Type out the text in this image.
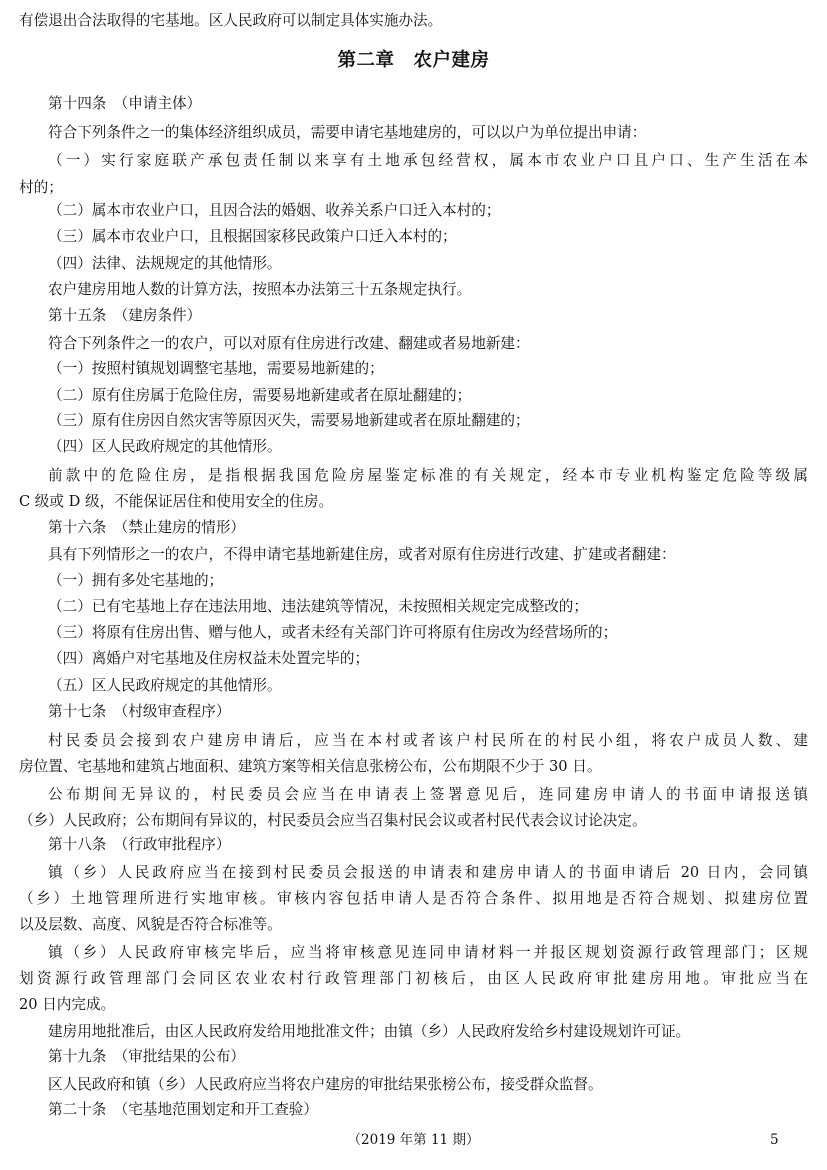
有偿退出合法取得的宅基地。区人民政府可以制定具体实施办法。
第二章　农户建房
第十四条　（申请主体）
符合下列条件之一的集体经济组织成员，需要申请宅基地建房的，可以以户为单位提出申请：
（一）实行家庭联产承包责任制以来享有土地承包经营权，属本市农业户口且户口、生产生活在本
村的；
（二）属本市农业户口，且因合法的婚姻、收养关系户口迁入本村的；
（三）属本市农业户口，且根据国家移民政策户口迁入本村的；
（四）法律、法规规定的其他情形。
农户建房用地人数的计算方法，按照本办法第三十五条规定执行。
第十五条　（建房条件）
符合下列条件之一的农户，可以对原有住房进行改建、翻建或者易地新建：
（一）按照村镇规划调整宅基地，需要易地新建的；
（二）原有住房属于危险住房，需要易地新建或者在原址翻建的；
（三）原有住房因自然灾害等原因灭失，需要易地新建或者在原址翻建的；
（四）区人民政府规定的其他情形。
前款中的危险住房，是指根据我国危险房屋鉴定标准的有关规定，经本市专业机构鉴定危险等级属
C 级或 D 级，不能保证居住和使用安全的住房。
第十六条　（禁止建房的情形）
具有下列情形之一的农户，不得申请宅基地新建住房，或者对原有住房进行改建、扩建或者翻建：
（一）拥有多处宅基地的；
（二）已有宅基地上存在违法用地、违法建筑等情况，未按照相关规定完成整改的；
（三）将原有住房出售、赠与他人，或者未经有关部门许可将原有住房改为经营场所的；
（四）离婚户对宅基地及住房权益未处置完毕的；
（五）区人民政府规定的其他情形。
第十七条　（村级审查程序）
村民委员会接到农户建房申请后，应当在本村或者该户村民所在的村民小组，将农户成员人数、建
房位置、宅基地和建筑占地面积、建筑方案等相关信息张榜公布，公布期限不少于 30 日。
公布期间无异议的，村民委员会应当在申请表上签署意见后，连同建房申请人的书面申请报送镇
（乡）人民政府；公布期间有异议的，村民委员会应当召集村民会议或者村民代表会议讨论决定。
第十八条　（行政审批程序）
镇（乡）人民政府应当在接到村民委员会报送的申请表和建房申请人的书面申请后 20 日内，会同镇
（乡）土地管理所进行实地审核。审核内容包括申请人是否符合条件、拟用地是否符合规划、拟建房位置
以及层数、高度、风貌是否符合标准等。
镇（乡）人民政府审核完毕后，应当将审核意见连同申请材料一并报区规划资源行政管理部门；区规
划资源行政管理部门会同区农业农村行政管理部门初核后，由区人民政府审批建房用地。审批应当在
20 日内完成。
建房用地批准后，由区人民政府发给用地批准文件；由镇（乡）人民政府发给乡村建设规划许可证。
第十九条　（审批结果的公布）
区人民政府和镇（乡）人民政府应当将农户建房的审批结果张榜公布，接受群众监督。
第二十条　（宅基地范围划定和开工查验）
（2019 年第 11 期）	5
